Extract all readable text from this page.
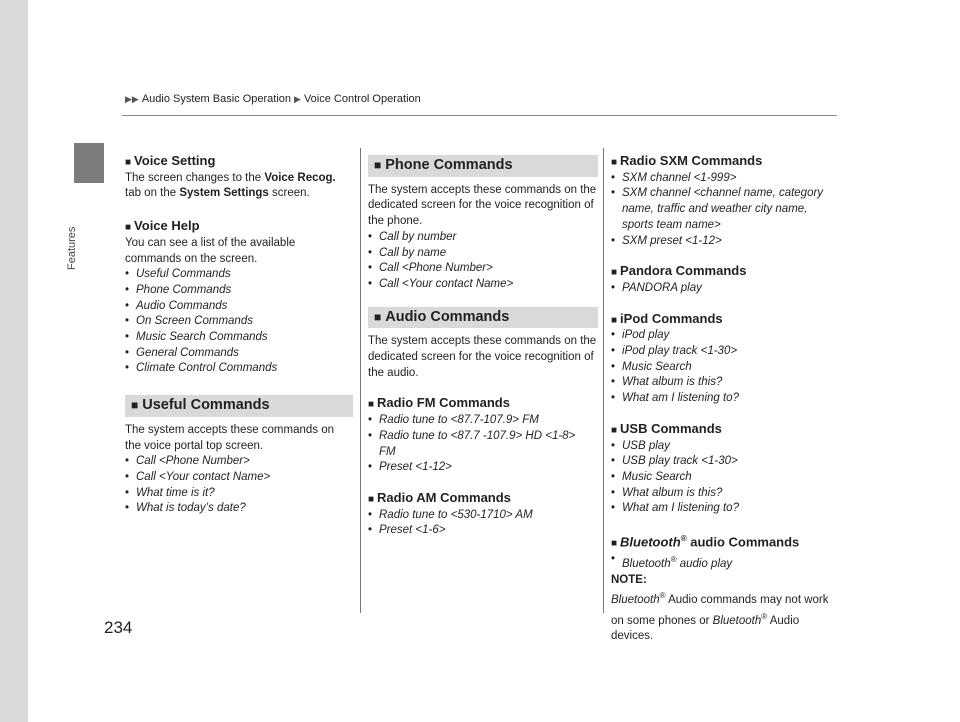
Features
▶▶ Audio System Basic Operation ▶ Voice Control Operation
■ Voice Setting
The screen changes to the Voice Recog.
tab on the System Settings screen.
■ Voice Help
You can see a list of the available commands on the screen.
• Useful Commands
• Phone Commands
• Audio Commands
• On Screen Commands
• Music Search Commands
• General Commands
• Climate Control Commands
■ Useful Commands
The system accepts these commands on the voice portal top screen.
• Call <Phone Number>
• Call <Your contact Name>
• What time is it?
• What is today’s date?
■ Phone Commands
The system accepts these commands on the dedicated screen for the voice recognition of the phone.
• Call by number
• Call by name
• Call <Phone Number>
• Call <Your contact Name>
■ Audio Commands
The system accepts these commands on the dedicated screen for the voice recognition of the audio.
■ Radio FM Commands
• Radio tune to <87.7-107.9> FM
• Radio tune to <87.7 -107.9> HD <1-8>
FM
• Preset <1-12>
■ Radio AM Commands
• Radio tune to <530-1710> AM
• Preset <1-6>
■ Radio SXM Commands
• SXM channel <1-999>
• SXM channel <channel name, category
name, traffic and weather city name,
sports team name>
• SXM preset <1-12>
■ Pandora Commands
• PANDORA play
■ iPod Commands
• iPod play
• iPod play track <1-30>
• Music Search
• What album is this?
• What am I listening to?
■ USB Commands
• USB play
• USB play track <1-30>
• Music Search
• What album is this?
• What am I listening to?
■ Bluetooth® audio Commands
• Bluetooth® audio play
NOTE:
Bluetooth® Audio commands may not work
on some phones or Bluetooth® Audio devices.
234
